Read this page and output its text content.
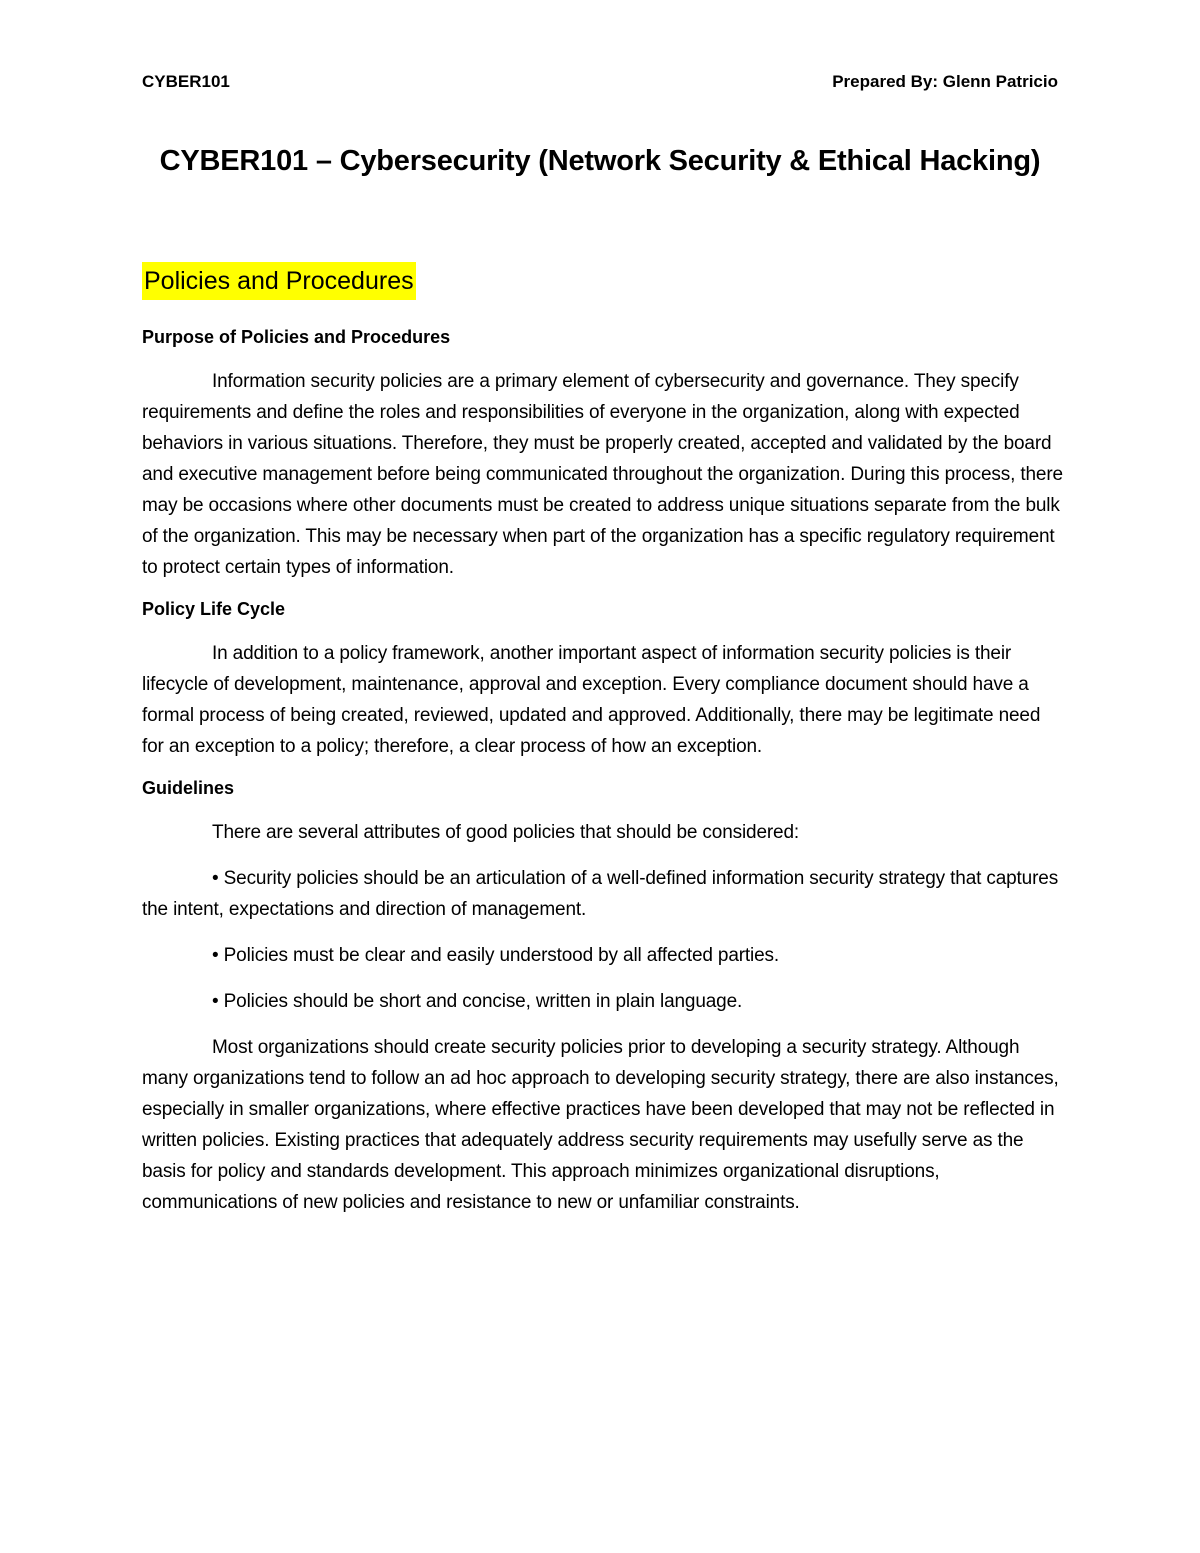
CYBER101	Prepared By: Glenn Patricio
CYBER101 – Cybersecurity (Network Security & Ethical Hacking)
Policies and Procedures
Purpose of Policies and Procedures

Information security policies are a primary element of cybersecurity and governance. They specify requirements and define the roles and responsibilities of everyone in the organization, along with expected behaviors in various situations. Therefore, they must be properly created, accepted and validated by the board and executive management before being communicated throughout the organization. During this process, there may be occasions where other documents must be created to address unique situations separate from the bulk of the organization. This may be necessary when part of the organization has a specific regulatory requirement to protect certain types of information.

Policy Life Cycle

In addition to a policy framework, another important aspect of information security policies is their lifecycle of development, maintenance, approval and exception. Every compliance document should have a formal process of being created, reviewed, updated and approved. Additionally, there may be legitimate need for an exception to a policy; therefore, a clear process of how an exception.

Guidelines

There are several attributes of good policies that should be considered:

• Security policies should be an articulation of a well-defined information security strategy that captures the intent, expectations and direction of management.

• Policies must be clear and easily understood by all affected parties.

• Policies should be short and concise, written in plain language.

Most organizations should create security policies prior to developing a security strategy. Although many organizations tend to follow an ad hoc approach to developing security strategy, there are also instances, especially in smaller organizations, where effective practices have been developed that may not be reflected in written policies. Existing practices that adequately address security requirements may usefully serve as the basis for policy and standards development. This approach minimizes organizational disruptions, communications of new policies and resistance to new or unfamiliar constraints.
